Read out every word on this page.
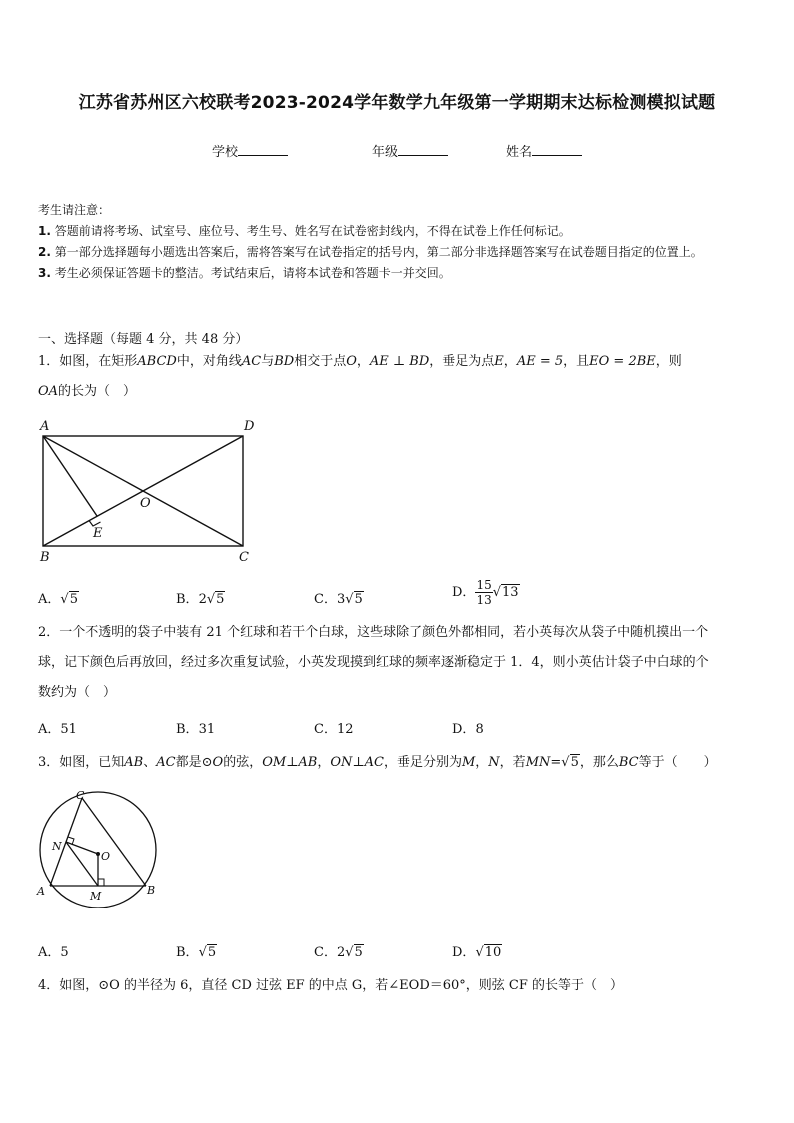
江苏省苏州区六校联考2023-2024学年数学九年级第一学期期末达标检测模拟试题
学校	年级	姓名
考生请注意：
1. 答题前请将考场、试室号、座位号、考生号、姓名写在试卷密封线内，不得在试卷上作任何标记。
2. 第一部分选择题每小题选出答案后，需将答案写在试卷指定的括号内，第二部分非选择题答案写在试卷题目指定的位置上。
3. 考生必须保证答题卡的整洁。考试结束后，请将本试卷和答题卡一并交回。
一、选择题（每题 4 分，共 48 分）
1．如图，在矩形ABCD中，对角线AC与BD相交于点O，AE ⊥ BD，垂足为点E，AE = 5，且EO = 2BE，则
OA的长为（　）
A	D
B	C
O
E
A．√5	B．2√5	C．3√5	D． $\frac{15}{13} √13$
2．一个不透明的袋子中装有 21 个红球和若干个白球，这些球除了颜色外都相同，若小英每次从袋子中随机摸出一个
球，记下颜色后再放回，经过多次重复试验，小英发现摸到红球的频率逐渐稳定于 1．4，则小英估计袋子中白球的个
数约为（　）
A．51	B．31	C．12	D．8
3．如图，已知AB、AC都是⊙O的弦，OM⊥AB，ON⊥AC，垂足分别为M，N，若MN=√5，那么BC等于（　　）
C
N
O
A	M	B
A．5	B．√5	C．2√5	D．√10
4．如图，⊙O 的半径为 6，直径 CD 过弦 EF 的中点 G，若∠EOD＝60°，则弦 CF 的长等于（　）
